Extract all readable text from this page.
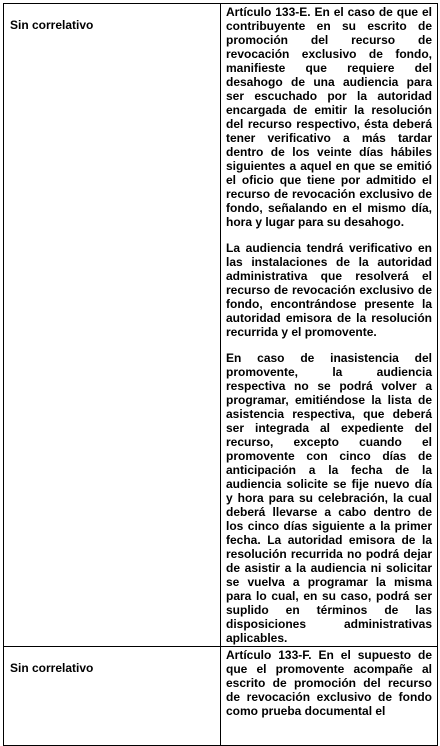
Sin correlativo	Artículo 133-E. En el caso de que el contribuyente en su escrito de promoción del recurso de revocación exclusivo de fondo, manifieste que requiere del desahogo de una audiencia para ser escuchado por la autoridad encargada de emitir la resolución del recurso respectivo, ésta deberá tener verificativo a más tardar dentro de los veinte días hábiles siguientes a aquel en que se emitió el oficio que tiene por admitido el recurso de revocación exclusivo de fondo, señalando en el mismo día, hora y lugar para su desahogo.

La audiencia tendrá verificativo en las instalaciones de la autoridad administrativa que resolverá el recurso de revocación exclusivo de fondo, encontrándose presente la autoridad emisora de la resolución recurrida y el promovente.

En caso de inasistencia del promovente, la audiencia respectiva no se podrá volver a programar, emitiéndose la lista de asistencia respectiva, que deberá ser integrada al expediente del recurso, excepto cuando el promovente con cinco días de anticipación a la fecha de la audiencia solicite se fije nuevo día y hora para su celebración, la cual deberá llevarse a cabo dentro de los cinco días siguiente a la primer fecha. La autoridad emisora de la resolución recurrida no podrá dejar de asistir a la audiencia ni solicitar se vuelva a programar la misma para lo cual, en su caso, podrá ser suplido en términos de las disposiciones administrativas aplicables.

Sin correlativo	Artículo 133-F. En el supuesto de que el promovente acompañe al escrito de promoción del recurso de revocación exclusivo de fondo como prueba documental el
